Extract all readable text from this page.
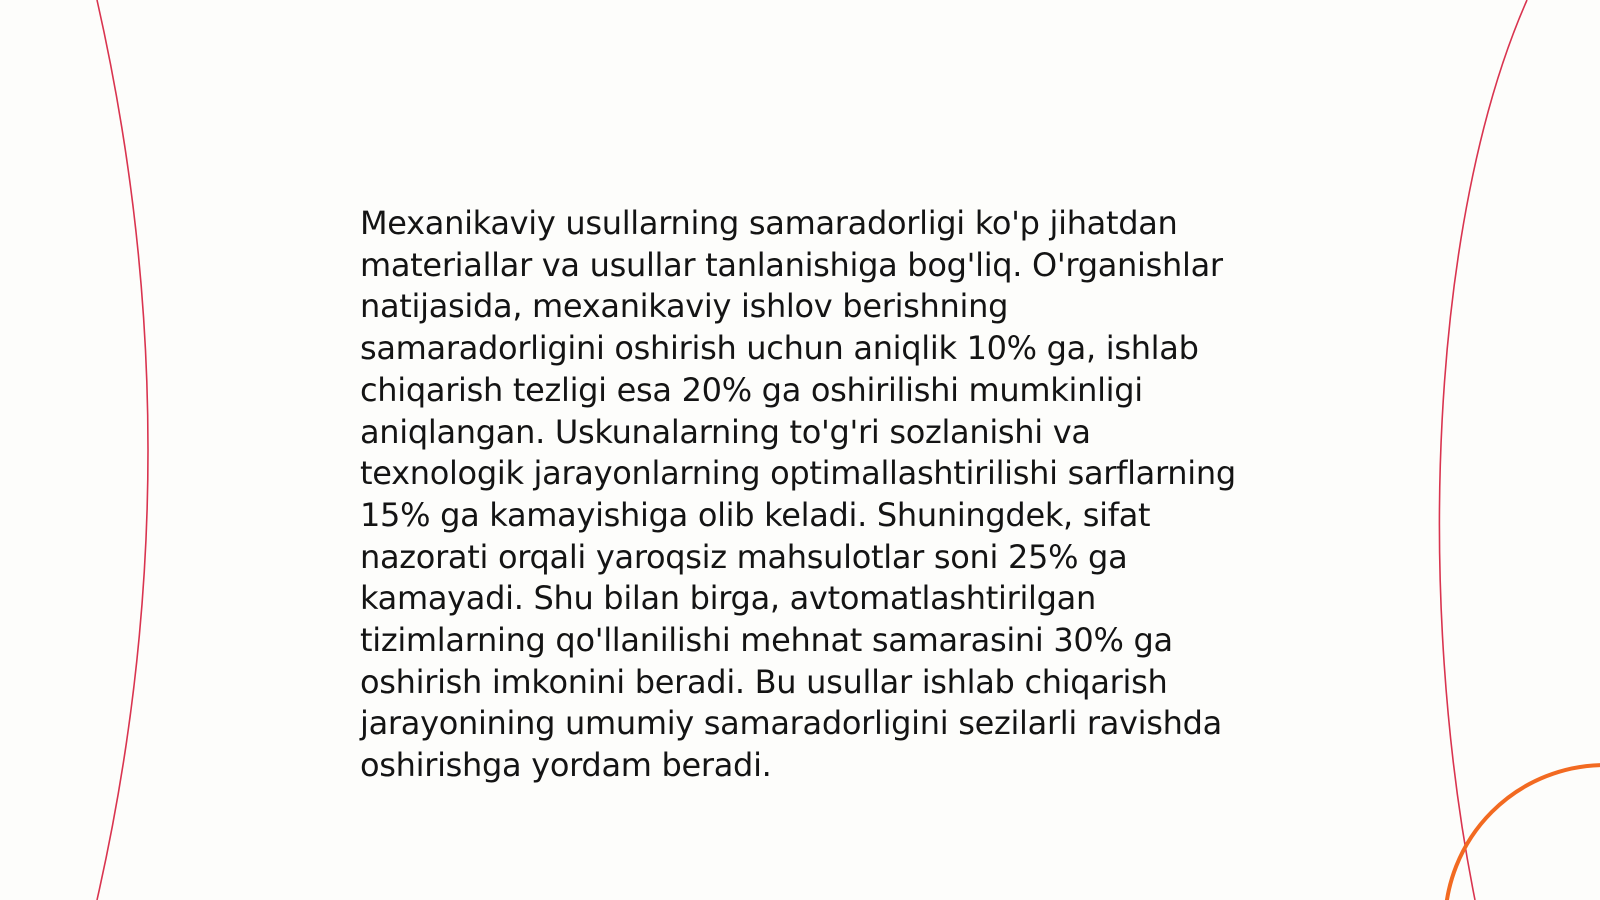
Mexanikaviy usullarning samaradorligi ko'p jihatdan materiallar va usullar tanlanishiga bog'liq. O'rganishlar natijasida, mexanikaviy ishlov berishning samaradorligini oshirish uchun aniqlik 10% ga, ishlab chiqarish tezligi esa 20% ga oshirilishi mumkinligi aniqlangan. Uskunalarning to'g'ri sozlanishi va texnologik jarayonlarning optimallashtirilishi sarflarning 15% ga kamayishiga olib keladi. Shuningdek, sifat nazorati orqali yaroqsiz mahsulotlar soni 25% ga kamayadi. Shu bilan birga, avtomatlashtirilgan tizimlarning qo'llanilishi mehnat samarasini 30% ga oshirish imkonini beradi. Bu usullar ishlab chiqarish jarayonining umumiy samaradorligini sezilarli ravishda oshirishga yordam beradi.
